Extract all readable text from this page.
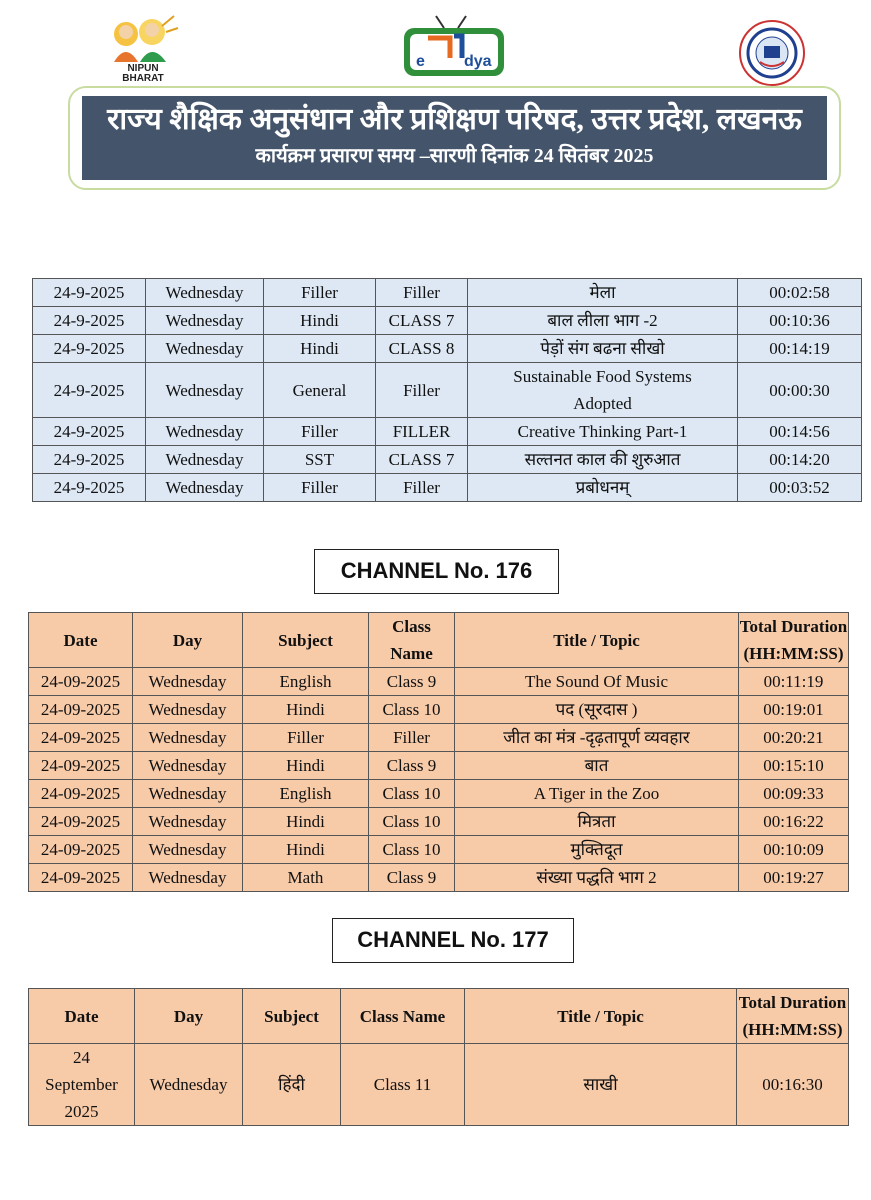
NIPUN
BHARAT
e dya
राज्य शैक्षिक अनुसंधान और प्रशिक्षण परिषद, उत्तर प्रदेश, लखनऊ
कार्यक्रम प्रसारण समय –सारणी दिनांक 24 सितंबर 2025
24-9-2025	Wednesday	Filler	Filler	मेला	00:02:58
24-9-2025	Wednesday	Hindi	CLASS 7	बाल लीला भाग -2	00:10:36
24-9-2025	Wednesday	Hindi	CLASS 8	पेड़ों संग बढना सीखो	00:14:19
24-9-2025	Wednesday	General	Filler	Sustainable Food Systems Adopted	00:00:30
24-9-2025	Wednesday	Filler	FILLER	Creative Thinking Part-1	00:14:56
24-9-2025	Wednesday	SST	CLASS 7	सल्तनत काल की शुरुआत	00:14:20
24-9-2025	Wednesday	Filler	Filler	प्रबोधनम्	00:03:52
CHANNEL No. 176
Date	Day	Subject	Class Name	Title / Topic	Total Duration (HH:MM:SS)
24-09-2025	Wednesday	English	Class 9	The Sound Of Music	00:11:19
24-09-2025	Wednesday	Hindi	Class 10	पद (सूरदास )	00:19:01
24-09-2025	Wednesday	Filler	Filler	जीत का मंत्र -दृढ़तापूर्ण व्यवहार	00:20:21
24-09-2025	Wednesday	Hindi	Class 9	बात	00:15:10
24-09-2025	Wednesday	English	Class 10	A Tiger in the Zoo	00:09:33
24-09-2025	Wednesday	Hindi	Class 10	मित्रता	00:16:22
24-09-2025	Wednesday	Hindi	Class 10	मुक्तिदूत	00:10:09
24-09-2025	Wednesday	Math	Class 9	संख्या पद्धति भाग 2	00:19:27
CHANNEL No. 177
Date	Day	Subject	Class Name	Title / Topic	Total Duration (HH:MM:SS)
24 September 2025	Wednesday	हिंदी	Class 11	साखी	00:16:30
